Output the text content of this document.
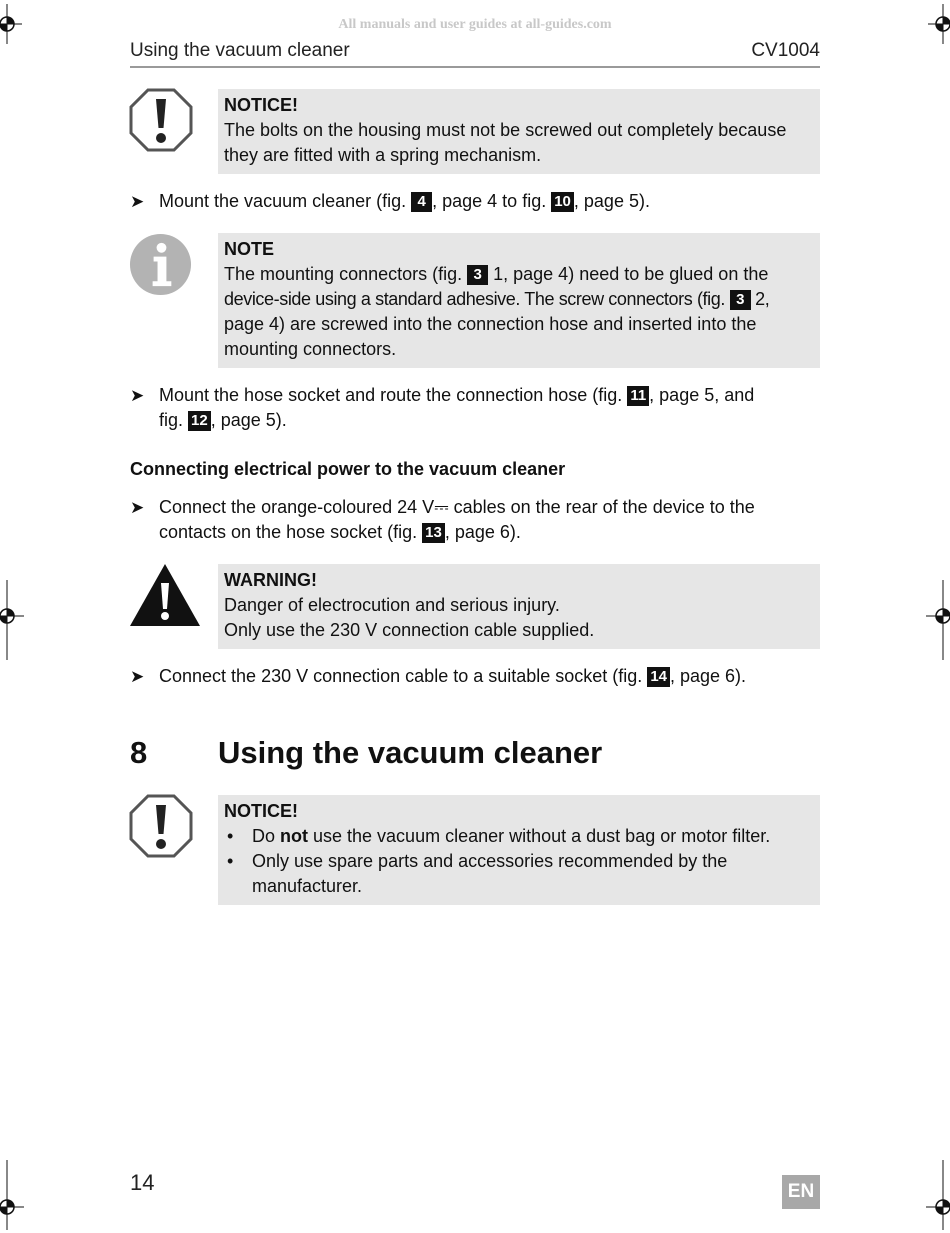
All manuals and user guides at all-guides.com
Using the vacuum cleaner	CV1004
NOTICE!
The bolts on the housing must not be screwed out completely because
they are fitted with a spring mechanism.
➤ Mount the vacuum cleaner (fig. 4 , page 4 to fig. 10 , page 5).
NOTE
The mounting connectors (fig. 3 1, page 4) need to be glued on the
device-side using a standard adhesive. The screw connectors (fig. 3 2,
page 4) are screwed into the connection hose and inserted into the
mounting connectors.
➤ Mount the hose socket and route the connection hose (fig. 11 , page 5, and
fig. 12 , page 5).
Connecting electrical power to the vacuum cleaner
➤ Connect the orange-coloured 24 V⎓ cables on the rear of the device to the
contacts on the hose socket (fig. 13 , page 6).
WARNING!
Danger of electrocution and serious injury.
Only use the 230 V connection cable supplied.
➤ Connect the 230 V connection cable to a suitable socket (fig. 14 , page 6).
8 Using the vacuum cleaner
NOTICE!
• Do not use the vacuum cleaner without a dust bag or motor filter.
• Only use spare parts and accessories recommended by the
manufacturer.
14	EN
